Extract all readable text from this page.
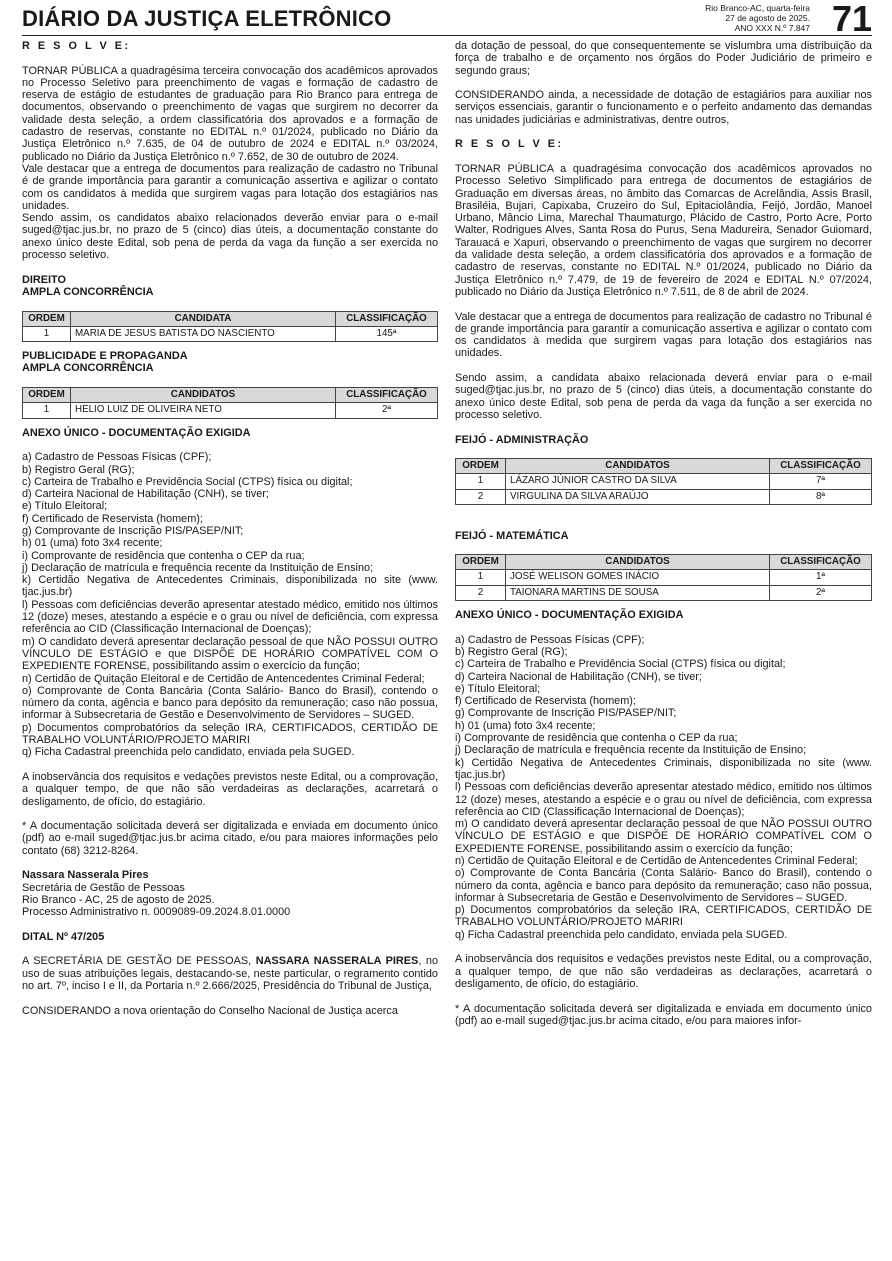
DIÁRIO DA JUSTIÇA ELETRÔNICO	Rio Branco-AC, quarta-feira
27 de agosto de 2025.
ANO XXX N.º 7.847 71
R E S O L V E:

TORNAR PÚBLICA a quadragésima terceira convocação dos acadêmicos aprovados no Processo Seletivo para preenchimento de vagas e formação de cadastro de reserva de estágio de estudantes de graduação para Rio Branco para entrega de documentos, observando o preenchimento de vagas que surgirem no decorrer da validade desta seleção, a ordem classificatória dos aprovados e a formação de cadastro de reservas, constante no EDITAL n.º 01/2024, publicado no Diário da Justiça Eletrônico n.º 7.635, de 04 de outubro de 2024 e EDITAL n.º 03/2024, publicado no Diário da Justiça Eletrônico n.º 7.652, de 30 de outubro de 2024.

Vale destacar que a entrega de documentos para realização de cadastro no Tribunal é de grande importância para garantir a comunicação assertiva e agilizar o contato com os candidatos à medida que surgirem vagas para lotação dos estagiários nas unidades.

Sendo assim, os candidatos abaixo relacionados deverão enviar para o e-mail suged@tjac.jus.br, no prazo de 5 (cinco) dias úteis, a documentação constante do anexo único deste Edital, sob pena de perda da vaga da função a ser exercida no processo seletivo.

DIREITO
AMPLA CONCORRÊNCIA
ORDEM	CANDIDATA	CLASSIFICAÇÃO
1	MARIA DE JESUS BATISTA DO NASCIENTO	145ª
PUBLICIDADE E PROPAGANDA
AMPLA CONCORRÊNCIA
ORDEM	CANDIDATOS	CLASSIFICAÇÃO
1	HELIO LUIZ DE OLIVEIRA NETO	2ª
ANEXO ÚNICO - DOCUMENTAÇÃO EXIGIDA
a) Cadastro de Pessoas Físicas (CPF);
b) Registro Geral (RG);
c) Carteira de Trabalho e Previdência Social (CTPS) física ou digital;
d) Carteira Nacional de Habilitação (CNH), se tiver;
e) Título Eleitoral;
f) Certificado de Reservista (homem);
g) Comprovante de Inscrição PIS/PASEP/NIT;
h) 01 (uma) foto 3x4 recente;
i) Comprovante de residência que contenha o CEP da rua;
j) Declaração de matrícula e frequência recente da Instituição de Ensino;

k) Certidão Negativa de Antecedentes Criminais, disponibilizada no site (www. tjac.jus.br)

l) Pessoas com deficiências deverão apresentar atestado médico, emitido nos últimos 12 (doze) meses, atestando a espécie e o grau ou nível de deficiência, com expressa referência ao CID (Classificação Internacional de Doenças);

m) O candidato deverá apresentar declaração pessoal de que NÃO POSSUI OUTRO VÍNCULO DE ESTÁGIO e que DISPÕE DE HORÁRIO COMPATÍVEL COM O EXPEDIENTE FORENSE, possibilitando assim o exercício da função;

n) Certidão de Quitação Eleitoral e de Certidão de Antencedentes Criminal Federal;

o) Comprovante de Conta Bancária (Conta Salário- Banco do Brasil), contendo o número da conta, agência e banco para depósito da remuneração; caso não possua, informar à Subsecretaria de Gestão e Desenvolvimento de Servidores – SUGED.

p) Documentos comprobatórios da seleção IRA, CERTIFICADOS, CERTIDÃO DE TRABALHO VOLUNTÁRIO/PROJETO MARIRI

q) Ficha Cadastral preenchida pelo candidato, enviada pela SUGED.

A inobservância dos requisitos e vedações previstos neste Edital, ou a comprovação, a qualquer tempo, de que não são verdadeiras as declarações, acarretará o desligamento, de ofício, do estagiário.

* A documentação solicitada deverá ser digitalizada e enviada em documento único (pdf) ao e-mail suged@tjac.jus.br acima citado, e/ou para maiores informações pelo contato (68) 3212-8264.

Nassara Nasserala Pires
Secretária de Gestão de Pessoas
Rio Branco - AC, 25 de agosto de 2025.
Processo Administrativo n. 0009089-09.2024.8.01.0000
DITAL Nº 47/205

A SECRETÁRIA DE GESTÃO DE PESSOAS, NASSARA NASSERALA PIRES, no uso de suas atribuições legais, destacando-se, neste particular, o regramento contido no art. 7º, inciso I e II, da Portaria n.º 2.666/2025, Presidência do Tribunal de Justiça,

CONSIDERANDO a nova orientação do Conselho Nacional de Justiça acerca

da dotação de pessoal, do que consequentemente se vislumbra uma distribuição da força de trabalho e de orçamento nos órgãos do Poder Judiciário de primeiro e segundo graus;

CONSIDERANDO ainda, a necessidade de dotação de estagiários para auxiliar nos serviços essenciais, garantir o funcionamento e o perfeito andamento das demandas nas unidades judiciárias e administrativas, dentre outros,

R E S O L V E:

TORNAR PÚBLICA a quadragésima convocação dos acadêmicos aprovados no Processo Seletivo Simplificado para entrega de documentos de estagiários de Graduação em diversas áreas, no âmbito das Comarcas de Acrelândia, Assis Brasil, Brasiléia, Bujari, Capixaba, Cruzeiro do Sul, Epitaciolândia, Feijó, Jordão, Manoel Urbano, Mâncio Lima, Marechal Thaumaturgo, Plácido de Castro, Porto Acre, Porto Walter, Rodrigues Alves, Santa Rosa do Purus, Sena Madureira, Senador Guiomard, Tarauacá e Xapuri, observando o preenchimento de vagas que surgirem no decorrer da validade desta seleção, a ordem classificatória dos aprovados e a formação de cadastro de reservas, constante no EDITAL N.º 01/2024, publicado no Diário da Justiça Eletrônico n.º 7.479, de 19 de fevereiro de 2024 e EDITAL N.º 07/2024, publicado no Diário da Justiça Eletrônico n.º 7.511, de 8 de abril de 2024.

Vale destacar que a entrega de documentos para realização de cadastro no Tribunal é de grande importância para garantir a comunicação assertiva e agilizar o contato com os candidatos à medida que surgirem vagas para lotação dos estagiários nas unidades.

Sendo assim, a candidata abaixo relacionada deverá enviar para o e-mail suged@tjac.jus.br, no prazo de 5 (cinco) dias úteis, a documentação constante do anexo único deste Edital, sob pena de perda da vaga da função a ser exercida no processo seletivo.

FEIJÓ - ADMINISTRAÇÃO
ORDEM	CANDIDATOS	CLASSIFICAÇÃO
1	LÁZARO JÚNIOR CASTRO DA SILVA	7ª
2	VIRGULINA DA SILVA ARAÚJO	8ª
FEIJÓ - MATEMÁTICA
ORDEM	CANDIDATOS	CLASSIFICAÇÃO
1	JOSÉ WELISON GOMES INÁCIO	1ª
2	TAIONARA MARTINS DE SOUSA	2ª
ANEXO ÚNICO - DOCUMENTAÇÃO EXIGIDA
a) Cadastro de Pessoas Físicas (CPF);
b) Registro Geral (RG);
c) Carteira de Trabalho e Previdência Social (CTPS) física ou digital;
d) Carteira Nacional de Habilitação (CNH), se tiver;
e) Título Eleitoral;
f) Certificado de Reservista (homem);
g) Comprovante de Inscrição PIS/PASEP/NIT;
h) 01 (uma) foto 3x4 recente;
i) Comprovante de residência que contenha o CEP da rua;
j) Declaração de matrícula e frequência recente da Instituição de Ensino;

k) Certidão Negativa de Antecedentes Criminais, disponibilizada no site (www. tjac.jus.br)

l) Pessoas com deficiências deverão apresentar atestado médico, emitido nos últimos 12 (doze) meses, atestando a espécie e o grau ou nível de deficiência, com expressa referência ao CID (Classificação Internacional de Doenças);

m) O candidato deverá apresentar declaração pessoal de que NÃO POSSUI OUTRO VÍNCULO DE ESTÁGIO e que DISPÕE DE HORÁRIO COMPATÍVEL COM O EXPEDIENTE FORENSE, possibilitando assim o exercício da função;

n) Certidão de Quitação Eleitoral e de Certidão de Antencedentes Criminal Federal;

o) Comprovante de Conta Bancária (Conta Salário- Banco do Brasil), contendo o número da conta, agência e banco para depósito da remuneração; caso não possua, informar à Subsecretaria de Gestão e Desenvolvimento de Servidores – SUGED.

p) Documentos comprobatórios da seleção IRA, CERTIFICADOS, CERTIDÃO DE TRABALHO VOLUNTÁRIO/PROJETO MARIRI

q) Ficha Cadastral preenchida pelo candidato, enviada pela SUGED.

A inobservância dos requisitos e vedações previstos neste Edital, ou a comprovação, a qualquer tempo, de que não são verdadeiras as declarações, acarretará o desligamento, de ofício, do estagiário.

* A documentação solicitada deverá ser digitalizada e enviada em documento único (pdf) ao e-mail suged@tjac.jus.br acima citado, e/ou para maiores infor-
